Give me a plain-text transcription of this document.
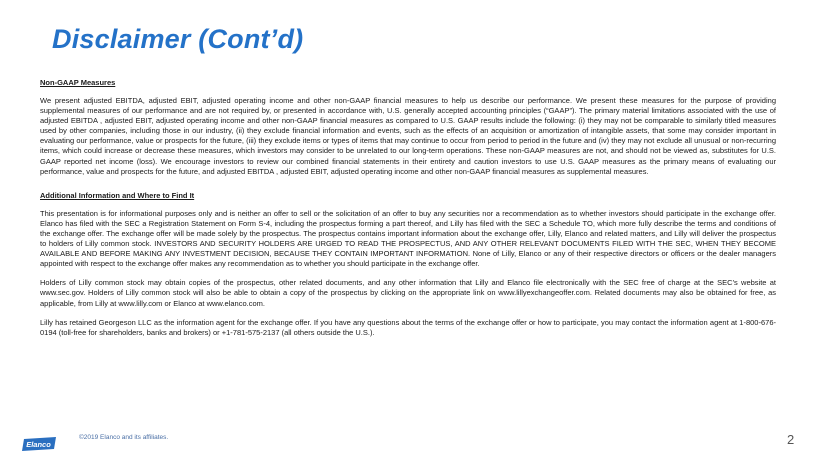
Disclaimer (Cont’d)

Non-GAAP Measures

We present adjusted EBITDA, adjusted EBIT, adjusted operating income and other non-GAAP financial measures to help us describe our performance. We present these measures for the purpose of providing supplemental measures of our performance and are not required by, or presented in accordance with, U.S. generally accepted accounting principles (“GAAP”). The primary material limitations associated with the use of adjusted EBITDA , adjusted EBIT, adjusted operating income and other non-GAAP financial measures as compared to U.S. GAAP results include the following: (i) they may not be comparable to similarly titled measures used by other companies, including those in our industry, (ii) they exclude financial information and events, such as the effects of an acquisition or amortization of intangible assets, that some may consider important in evaluating our performance, value or prospects for the future, (iii) they exclude items or types of items that may continue to occur from period to period in the future and (iv) they may not exclude all unusual or non-recurring items, which could increase or decrease these measures, which investors may consider to be unrelated to our long-term operations. These non-GAAP measures are not, and should not be viewed as, substitutes for U.S. GAAP reported net income (loss). We encourage investors to review our combined financial statements in their entirety and caution investors to use U.S. GAAP measures as the primary means of evaluating our performance, value and prospects for the future, and adjusted EBITDA , adjusted EBIT, adjusted operating income and other non-GAAP financial measures as supplemental measures.

Additional Information and Where to Find It

This presentation is for informational purposes only and is neither an offer to sell or the solicitation of an offer to buy any securities nor a recommendation as to whether investors should participate in the exchange offer. Elanco has filed with the SEC a Registration Statement on Form S-4, including the prospectus forming a part thereof, and Lilly has filed with the SEC a Schedule TO, which more fully describe the terms and conditions of the exchange offer. The exchange offer will be made solely by the prospectus. The prospectus contains important information about the exchange offer, Lilly, Elanco and related matters, and Lilly will deliver the prospectus to holders of Lilly common stock. INVESTORS AND SECURITY HOLDERS ARE URGED TO READ THE PROSPECTUS, AND ANY OTHER RELEVANT DOCUMENTS FILED WITH THE SEC, WHEN THEY BECOME AVAILABLE AND BEFORE MAKING ANY INVESTMENT DECISION, BECAUSE THEY CONTAIN IMPORTANT INFORMATION. None of Lilly, Elanco or any of their respective directors or officers or the dealer managers appointed with respect to the exchange offer makes any recommendation as to whether you should participate in the exchange offer.

Holders of Lilly common stock may obtain copies of the prospectus, other related documents, and any other information that Lilly and Elanco file electronically with the SEC free of charge at the SEC’s website at www.sec.gov. Holders of Lilly common stock will also be able to obtain a copy of the prospectus by clicking on the appropriate link on www.lillyexchangeoffer.com. Related documents may also be obtained for free, as applicable, from Lilly at www.lilly.com or Elanco at www.elanco.com.

Lilly has retained Georgeson LLC as the information agent for the exchange offer. If you have any questions about the terms of the exchange offer or how to participate, you may contact the information agent at 1-800-676-0194 (toll-free for shareholders, banks and brokers) or +1-781-575-2137 (all others outside the U.S.).

Elanco
©2019 Elanco and its affiliates.	2
